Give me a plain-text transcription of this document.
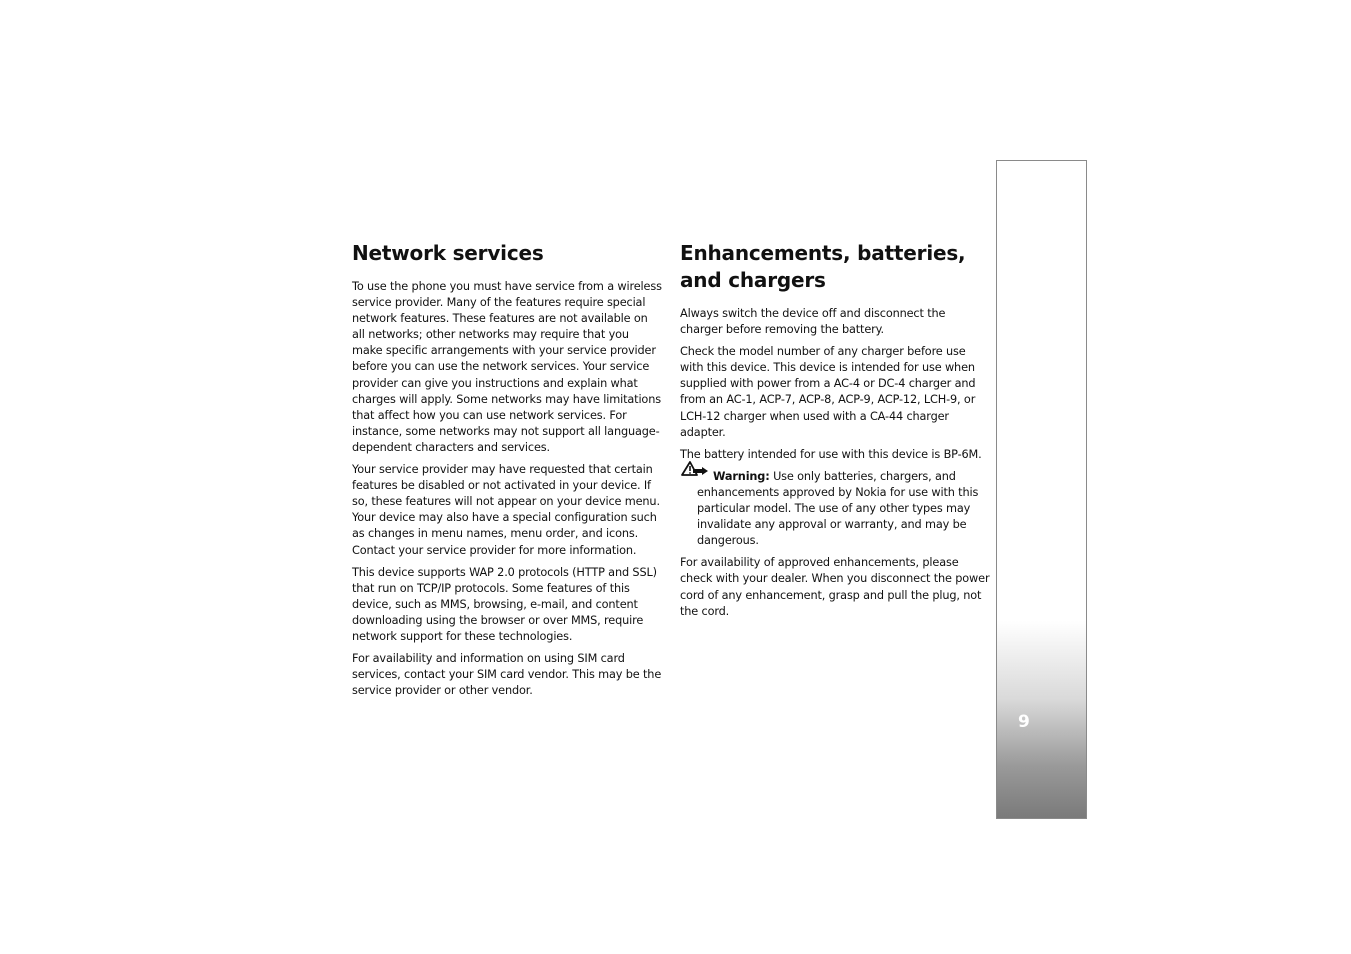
Network services

To use the phone you must have service from a wireless service provider. Many of the features require special network features. These features are not available on all networks; other networks may require that you make specific arrangements with your service provider before you can use the network services. Your service provider can give you instructions and explain what charges will apply. Some networks may have limitations that affect how you can use network services. For instance, some networks may not support all language-dependent characters and services.

Your service provider may have requested that certain features be disabled or not activated in your device. If so, these features will not appear on your device menu. Your device may also have a special configuration such as changes in menu names, menu order, and icons. Contact your service provider for more information.

This device supports WAP 2.0 protocols (HTTP and SSL) that run on TCP/IP protocols. Some features of this device, such as MMS, browsing, e-mail, and content downloading using the browser or over MMS, require network support for these technologies.

For availability and information on using SIM card services, contact your SIM card vendor. This may be the service provider or other vendor.

Enhancements, batteries, and chargers

Always switch the device off and disconnect the charger before removing the battery.

Check the model number of any charger before use with this device. This device is intended for use when supplied with power from a AC-4 or DC-4 charger and from an AC-1, ACP-7, ACP-8, ACP-9, ACP-12, LCH-9, or LCH-12 charger when used with a CA-44 charger adapter.

The battery intended for use with this device is BP-6M.

Warning: Use only batteries, chargers, and enhancements approved by Nokia for use with this particular model. The use of any other types may invalidate any approval or warranty, and may be dangerous.

For availability of approved enhancements, please check with your dealer. When you disconnect the power cord of any enhancement, grasp and pull the plug, not the cord.

9
